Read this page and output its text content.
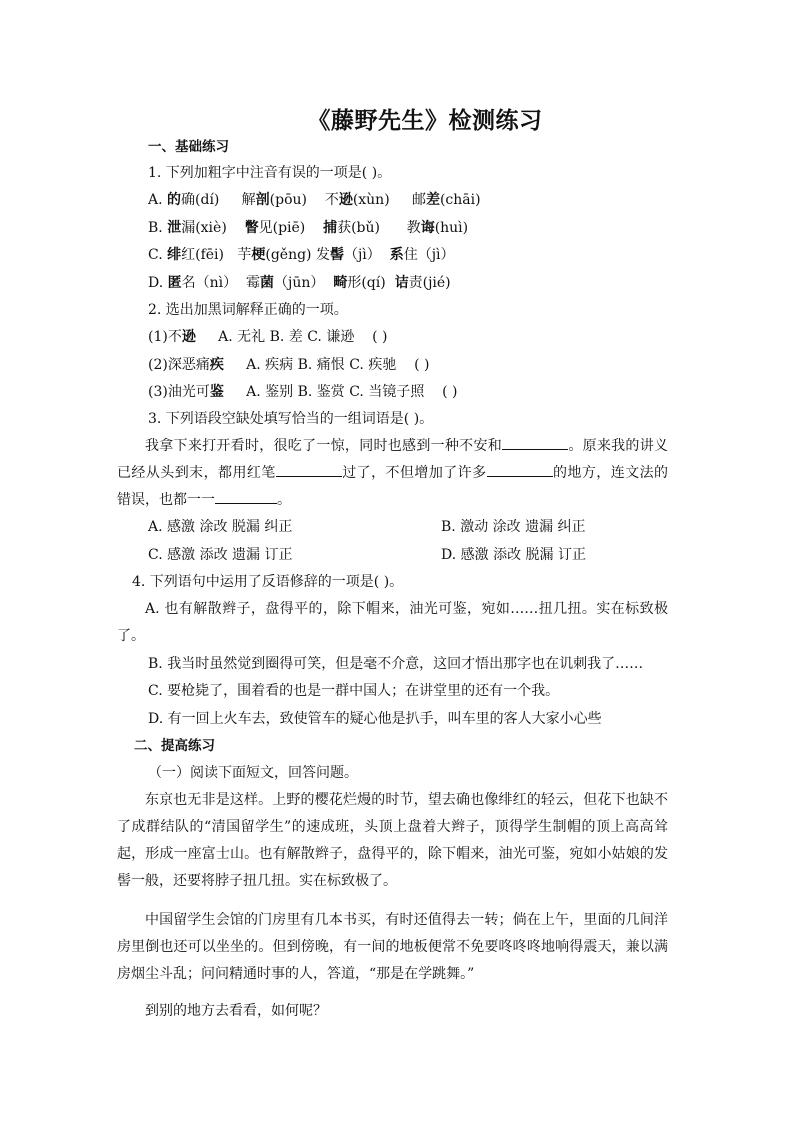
《藤野先生》检测练习
一、基础练习
1. 下列加粗字中注音有误的一项是( )。
A. 的确(dí) 解剖(pōu) 不逊(xùn) 邮差(chāi)
B. 泄漏(xiè) 瞥见(piē) 捕获(bǔ) 教诲(huì)
C. 绯红(fēi) 芋梗(gěng) 发髻（jì） 系住（jì）
D. 匿名（nì） 霉菌（jūn） 畸形(qí) 诘责(jié)
2. 选出加黑词解释正确的一项。
(1)不逊 A. 无礼 B. 差 C. 谦逊 ( )
(2)深恶痛疾 A. 疾病 B. 痛恨 C. 疾驰 ( )
(3)油光可鉴 A. 鉴别 B. 鉴赏 C. 当镜子照 ( )
3. 下列语段空缺处填写恰当的一组词语是( )。

我拿下来打开看时，很吃了一惊，同时也感到一种不安和	。原来我的讲义已经从头到末，都用红笔	过了，不但增加了许多	的地方，连文法的错误，也都一一	。

A. 感激 涂改 脱漏 纠正	B. 激动 涂改 遗漏 纠正
C. 感激 添改 遗漏 订正	D. 感激 添改 脱漏 订正
4. 下列语句中运用了反语修辞的一项是( )。

A. 也有解散辫子，盘得平的，除下帽来，油光可鉴，宛如……扭几扭。实在标致极了。

B. 我当时虽然觉到圈得可笑，但是毫不介意，这回才悟出那字也在讥刺我了……
C. 要枪毙了，围着看的也是一群中国人；在讲堂里的还有一个我。
D. 有一回上火车去，致使管车的疑心他是扒手，叫车里的客人大家小心些
二、提高练习
（一）阅读下面短文，回答问题。

东京也无非是这样。上野的樱花烂熳的时节，望去确也像绯红的轻云，但花下也缺不了成群结队的“清国留学生”的速成班，头顶上盘着大辫子，顶得学生制帽的顶上高高耸起，形成一座富士山。也有解散辫子，盘得平的，除下帽来，油光可鉴，宛如小姑娘的发髻一般，还要将脖子扭几扭。实在标致极了。

中国留学生会馆的门房里有几本书买，有时还值得去一转；倘在上午，里面的几间洋房里倒也还可以坐坐的。但到傍晚，有一间的地板便常不免要咚咚咚地响得震天，兼以满房烟尘斗乱；问问精通时事的人，答道，“那是在学跳舞。”

到别的地方去看看，如何呢？
